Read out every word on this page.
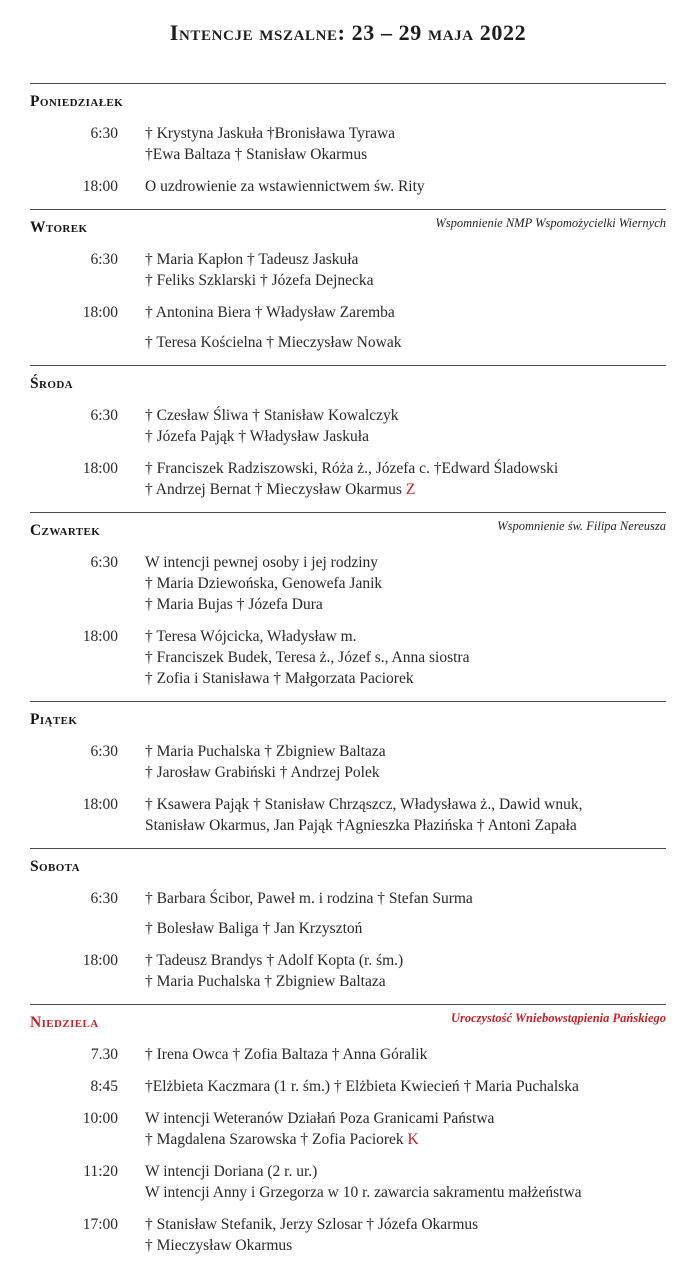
Intencje mszalne: 23 – 29 maja 2022
Poniedziałek
6:30 † Krystyna Jaskuła †Bronisława Tyrawa
†Ewa Baltaza † Stanisław Okarmus
18:00 O uzdrowienie za wstawiennictwem św. Rity
Wtorek	Wspomnienie NMP Wspomożycielki Wiernych
6:30 † Maria Kapłon † Tadeusz Jaskuła
† Feliks Szklarski † Józefa Dejnecka
18:00 † Antonina Biera † Władysław Zaremba
† Teresa Kościelna † Mieczysław Nowak
Środa
6:30 † Czesław Śliwa † Stanisław Kowalczyk
† Józefa Pająk † Władysław Jaskuła
18:00 † Franciszek Radziszowski, Róża ż., Józefa c. †Edward Śladowski
† Andrzej Bernat † Mieczysław Okarmus Z
Czwartek	Wspomnienie św. Filipa Nereusza
6:30 W intencji pewnej osoby i jej rodziny
† Maria Dziewońska, Genowefa Janik
† Maria Bujas † Józefa Dura
18:00 † Teresa Wójcicka, Władysław m.
† Franciszek Budek, Teresa ż., Józef s., Anna siostra
† Zofia i Stanisława † Małgorzata Paciorek
Piątek
6:30 † Maria Puchalska † Zbigniew Baltaza
† Jarosław Grabiński † Andrzej Polek
18:00 † Ksawera Pająk † Stanisław Chrząszcz, Władysława ż., Dawid wnuk,
Stanisław Okarmus, Jan Pająk †Agnieszka Płazińska † Antoni Zapała
Sobota
6:30 † Barbara Ścibor, Paweł m. i rodzina † Stefan Surma
† Bolesław Baliga † Jan Krzysztoń
18:00 † Tadeusz Brandys † Adolf Kopta (r. śm.)
† Maria Puchalska † Zbigniew Baltaza
Niedziela	Uroczystość Wniebowstąpienia Pańskiego
7.30 † Irena Owca † Zofia Baltaza † Anna Góralik
8:45 †Elżbieta Kaczmara (1 r. śm.) † Elżbieta Kwiecień † Maria Puchalska
10:00 W intencji Weteranów Działań Poza Granicami Państwa
† Magdalena Szarowska † Zofia Paciorek K
11:20 W intencji Doriana (2 r. ur.)
W intencji Anny i Grzegorza w 10 r. zawarcia sakramentu małżeństwa
17:00 † Stanisław Stefanik, Jerzy Szlosar † Józefa Okarmus
† Mieczysław Okarmus
